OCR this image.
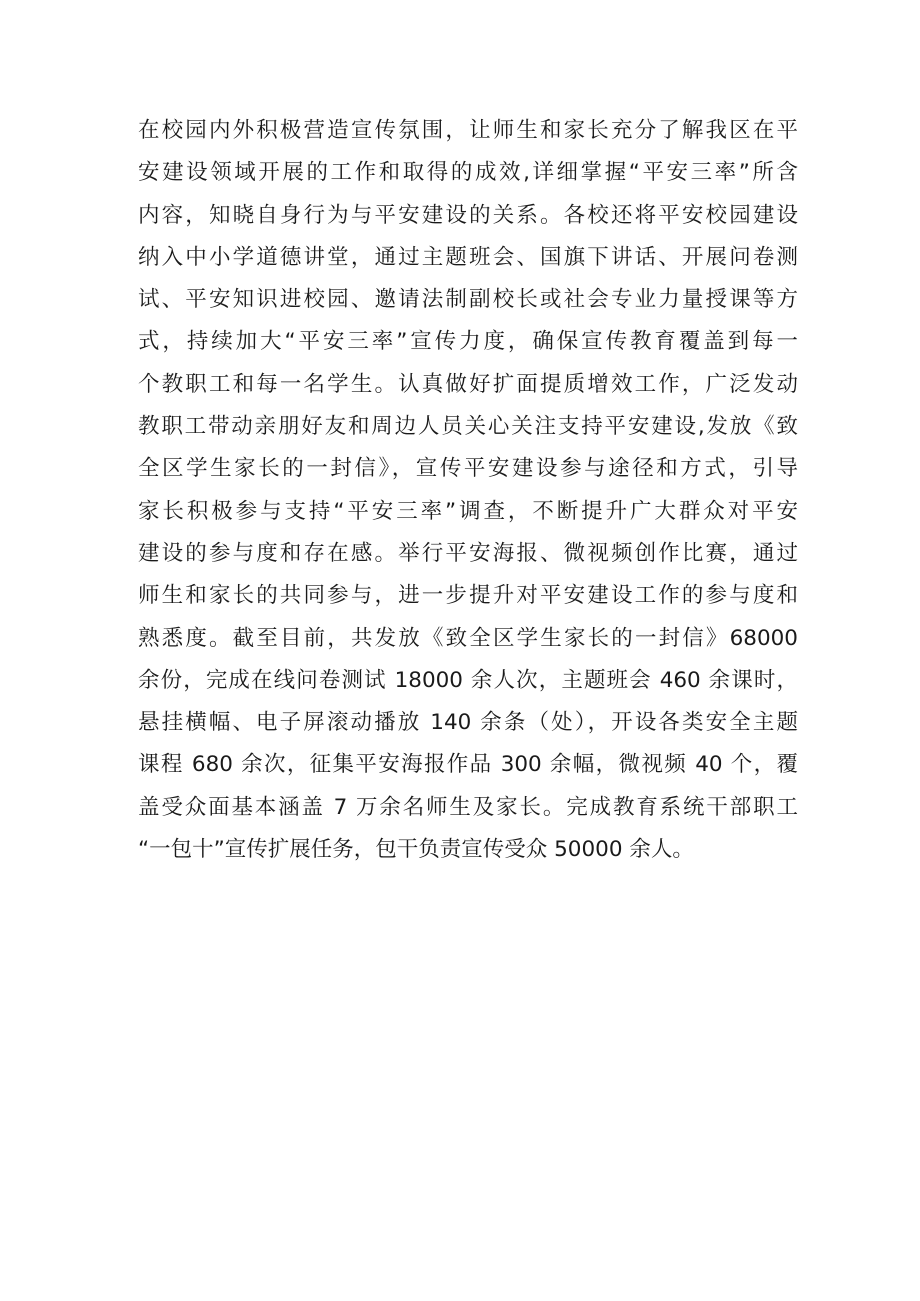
在校园内外积极营造宣传氛围，让师生和家长充分了解我区在平
安建设领域开展的工作和取得的成效,详细掌握“平安三率”所含
内容，知晓自身行为与平安建设的关系。各校还将平安校园建设
纳入中小学道德讲堂，通过主题班会、国旗下讲话、开展问卷测
试、平安知识进校园、邀请法制副校长或社会专业力量授课等方
式，持续加大“平安三率”宣传力度，确保宣传教育覆盖到每一
个教职工和每一名学生。认真做好扩面提质增效工作，广泛发动
教职工带动亲朋好友和周边人员关心关注支持平安建设,发放《致
全区学生家长的一封信》，宣传平安建设参与途径和方式，引导
家长积极参与支持“平安三率”调查，不断提升广大群众对平安
建设的参与度和存在感。举行平安海报、微视频创作比赛，通过
师生和家长的共同参与，进一步提升对平安建设工作的参与度和
熟悉度。截至目前，共发放《致全区学生家长的一封信》68000
余份，完成在线问卷测试 18000 余人次，主题班会 460 余课时，
悬挂横幅、电子屏滚动播放 140 余条（处），开设各类安全主题
课程 680 余次，征集平安海报作品 300 余幅，微视频 40 个，覆
盖受众面基本涵盖 7 万余名师生及家长。完成教育系统干部职工
“一包十”宣传扩展任务，包干负责宣传受众 50000 余人。
